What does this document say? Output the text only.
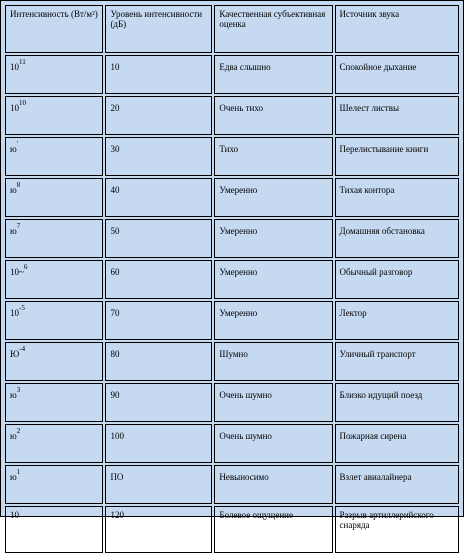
Интенсивность (Вт/м²)	Уровень интенсивности (дБ)	Качественная субъективная оценка	Источник звука
$10^{11}$	10	Едва слышно	Спокойное дыхание
$10^{10}$	20	Очень тихо	Шелест листвы
ю'	30	Тихо	Перелистывание книги
$ю^8$	40	Умеренно	Тихая контора
$ю^7$	50	Умеренно	Домашняя обстановка
10~$^6$	60	Умеренно	Обычный разговор
$10^{-5}$	70	Умеренно	Лектор
$Ю^{-4}$	80	Шумно	Уличный транспорт
$ю^3$	90	Очень шумно	Близко идущий поезд
$ю^2$	100	Очень шумно	Пожарная сирена
$ю^1$	ПО	Невыносимо	Взлет авиалайнера
10	120	Болевое ощущение	Разрыв артиллерийского снаряда
